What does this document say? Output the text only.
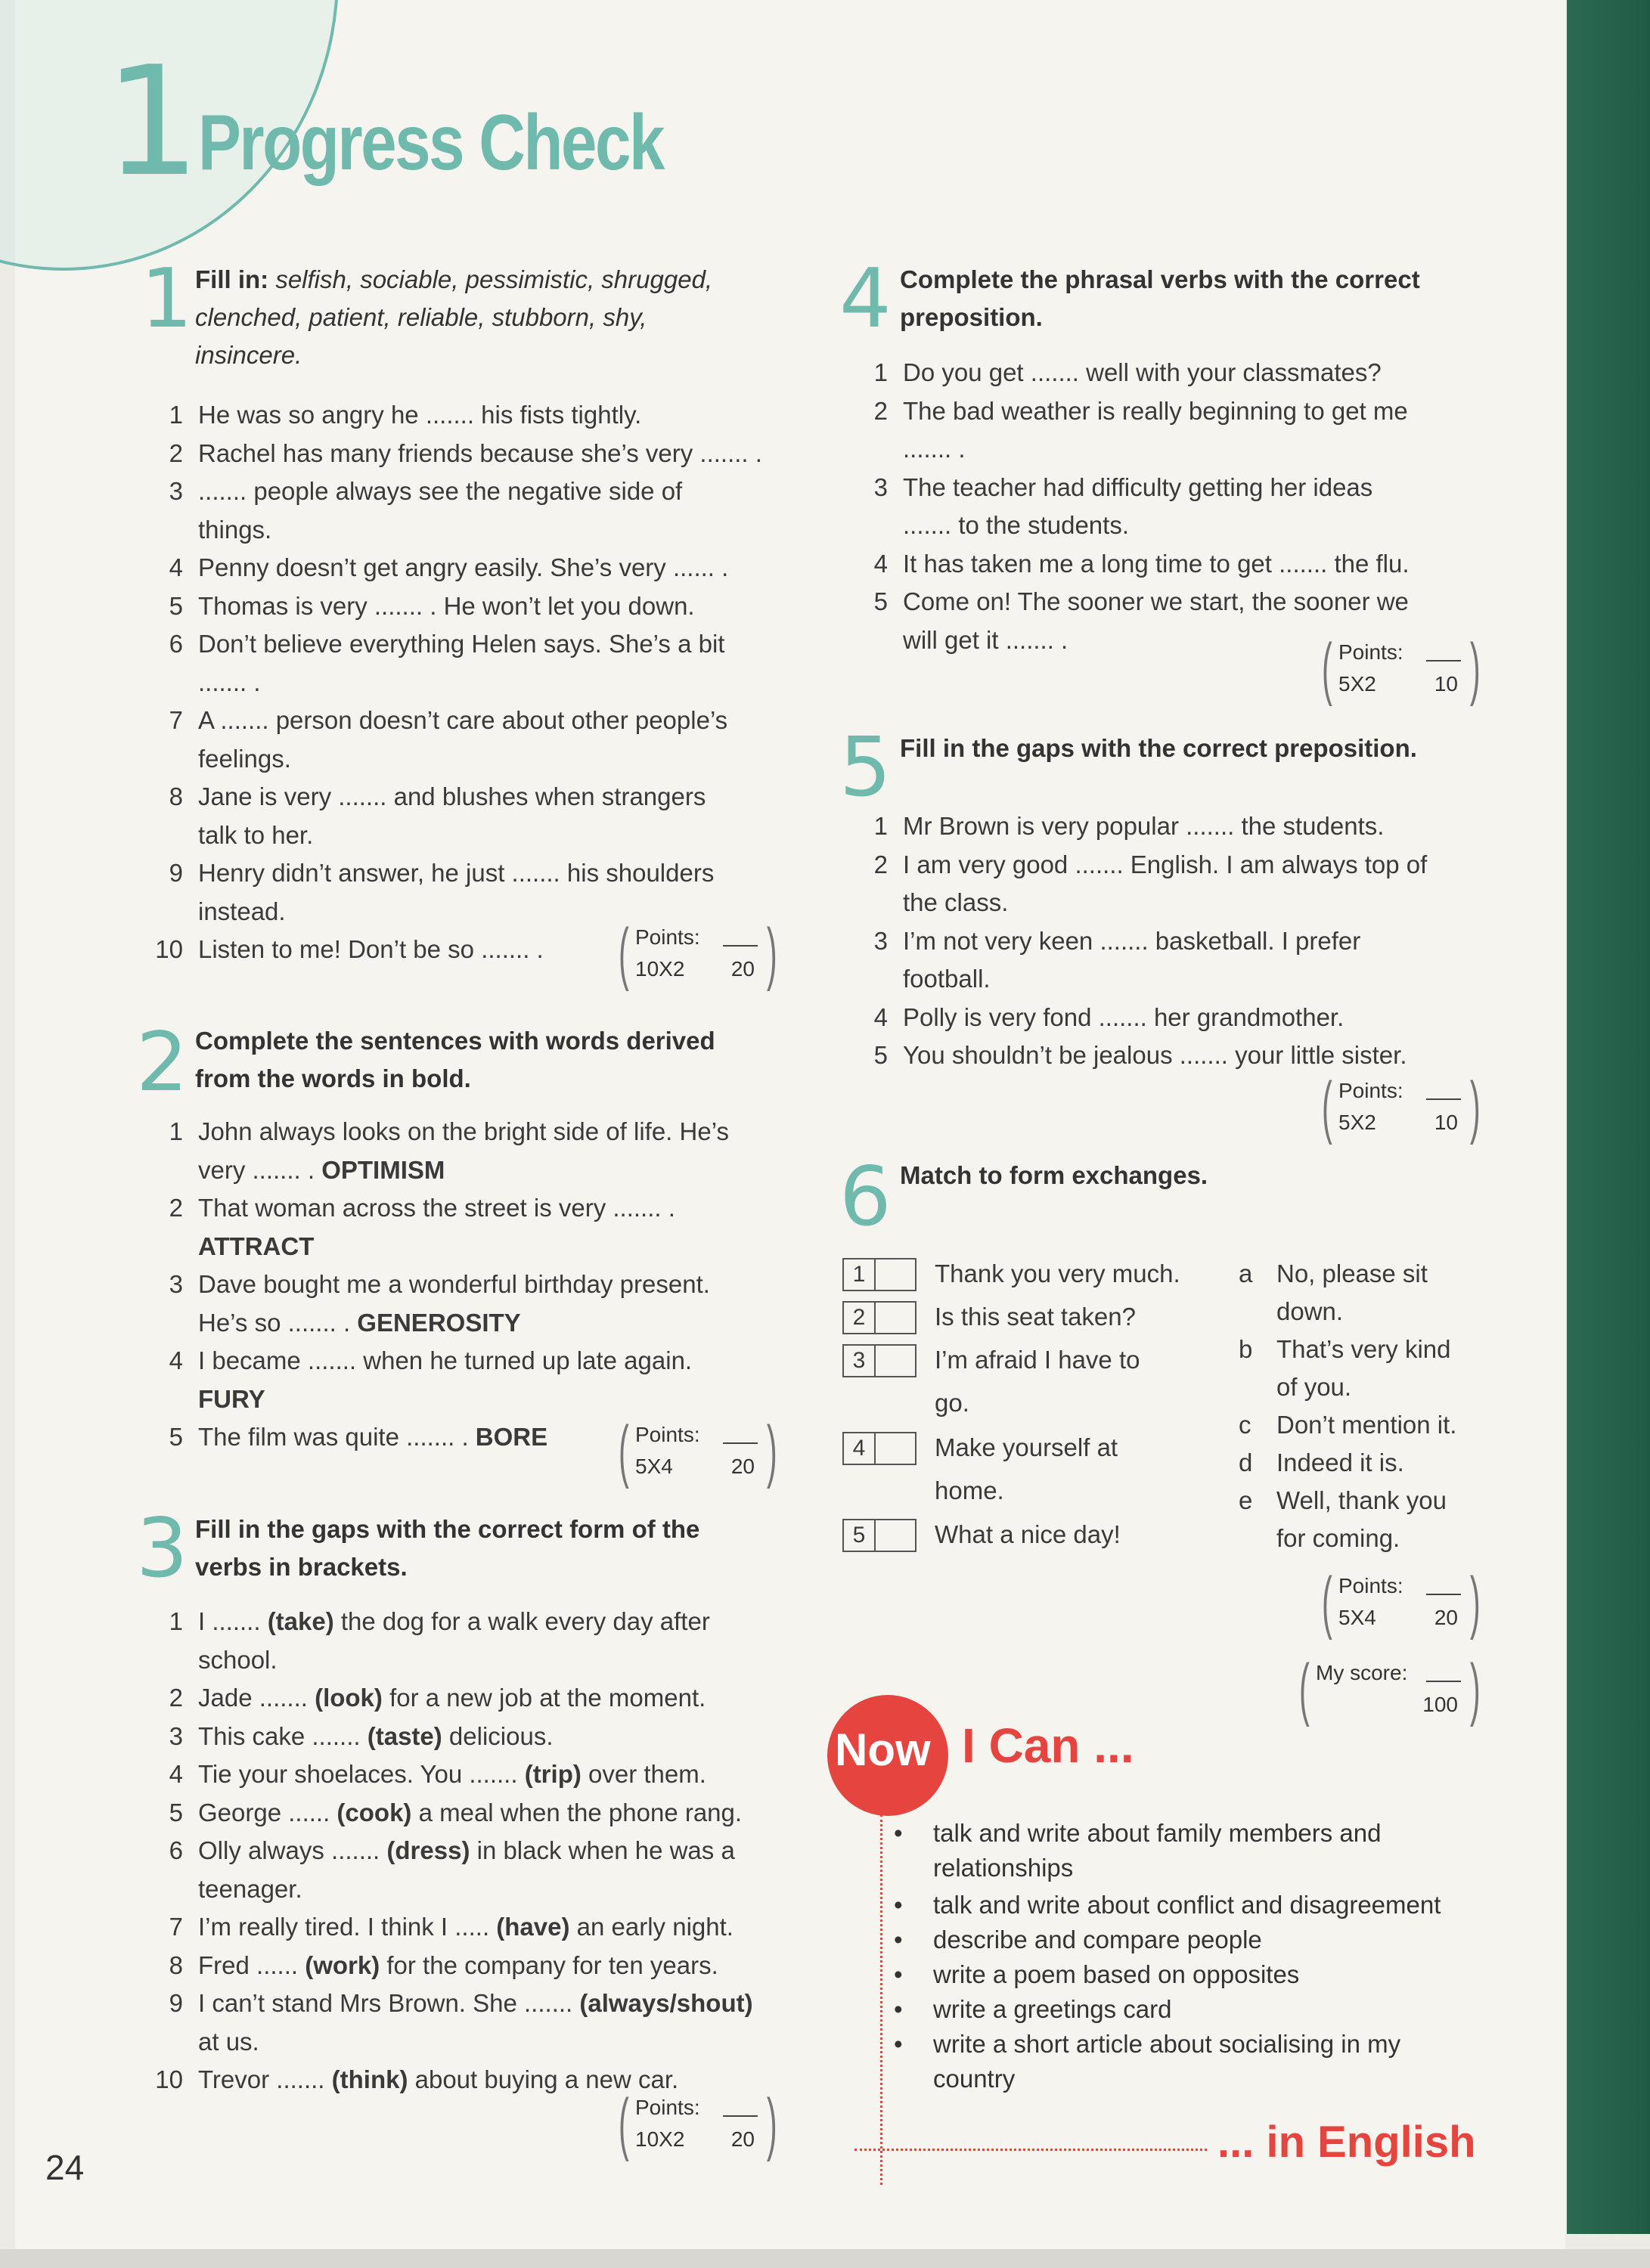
1
Progress Check
1 Fill in: selfish, sociable, pessimistic, shrugged,
clenched, patient, reliable, stubborn, shy,
insincere.
1 He was so angry he ....... his fists tightly.
2 Rachel has many friends because she’s very ....... .
3 ....... people always see the negative side of
things.
4 Penny doesn’t get angry easily. She’s very ...... .
5 Thomas is very ....... . He won’t let you down.
6 Don’t believe everything Helen says. She’s a bit
....... .
7 A ....... person doesn’t care about other people’s
feelings.
8 Jane is very ....... and blushes when strangers
talk to her.
9 Henry didn’t answer, he just ....... his shoulders
instead.
10 Listen to me! Don’t be so ....... .	( Points:
10X2 20 )
2 Complete the sentences with words derived
from the words in bold.
1 John always looks on the bright side of life. He’s
very ....... . OPTIMISM
2 That woman across the street is very ....... .
ATTRACT
3 Dave bought me a wonderful birthday present.
He’s so ....... . GENEROSITY
4 I became ....... when he turned up late again.
FURY
5 The film was quite ....... . BORE	( Points:
5X4	20 )
3 Fill in the gaps with the correct form of the
verbs in brackets.
1 I ....... (take) the dog for a walk every day after
school.
2 Jade ....... (look) for a new job at the moment.
3 This cake ....... (taste) delicious.
4 Tie your shoelaces. You ....... (trip) over them.
5 George ...... (cook) a meal when the phone rang.
6 Olly always ....... (dress) in black when he was a
teenager.
7 I’m really tired. I think I ..... (have) an early night.
8 Fred ...... (work) for the company for ten years.
9 I can’t stand Mrs Brown. She ....... (always/shout)
at us.
10 Trevor ....... (think) about buying a new car.
( Points:
10X2 20 )
4 Complete the phrasal verbs with the correct
preposition.
1 Do you get ....... well with your classmates?
2 The bad weather is really beginning to get me
....... .
3 The teacher had difficulty getting her ideas
....... to the students.
4 It has taken me a long time to get ....... the flu.
5 Come on! The sooner we start, the sooner we
will get it ....... .	( Points:
5X2	10 )
5 Fill in the gaps with the correct preposition.
1 Mr Brown is very popular ....... the students.
2 I am very good ....... English. I am always top of
the class.
3 I’m not very keen ....... basketball. I prefer
football.
4 Polly is very fond ....... her grandmother.
5 You shouldn’t be jealous ....... your little sister.
( Points:
5X2	10 )
6 Match to form exchanges.
1	Thank you very much.
2	Is this seat taken?
3	I’m afraid I have to
go.
4	Make yourself at
home.
5	What a nice day!
a No, please sit
down.
b That’s very kind
of you.
c Don’t mention it.
d Indeed it is.
e Well, thank you
for coming.
( Points:
5X4	20 )
( My score:
100 )
Now I Can ...
• talk and write about family members and
relationships
• talk and write about conflict and disagreement
• describe and compare people
• write a poem based on opposites
• write a greetings card
• write a short article about socialising in my
country
... in English
24
